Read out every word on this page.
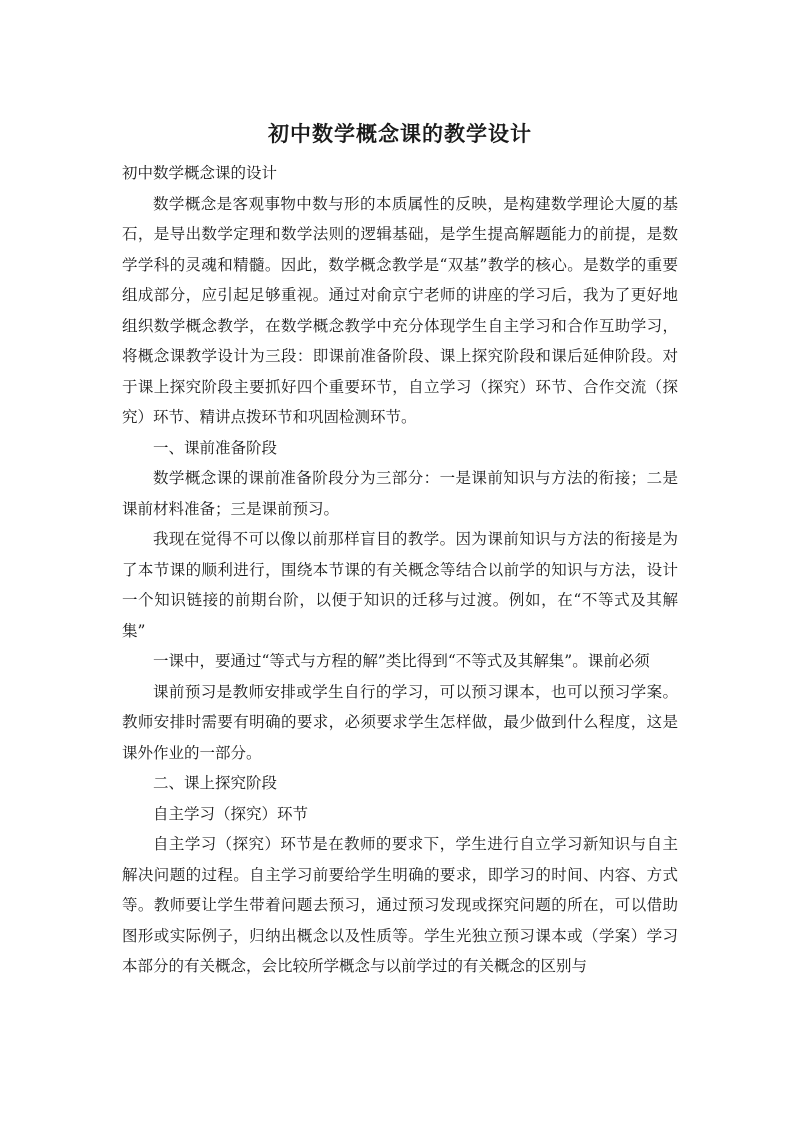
初中数学概念课的教学设计

初中数学概念课的设计

数学概念是客观事物中数与形的本质属性的反映，是构建数学理论大厦的基石，是导出数学定理和数学法则的逻辑基础，是学生提高解题能力的前提，是数学学科的灵魂和精髓。因此，数学概念教学是“双基”教学的核心。是数学的重要组成部分，应引起足够重视。通过对俞京宁老师的讲座的学习后，我为了更好地组织数学概念教学，在数学概念教学中充分体现学生自主学习和合作互助学习，将概念课教学设计为三段：即课前准备阶段、课上探究阶段和课后延伸阶段。对于课上探究阶段主要抓好四个重要环节，自立学习（探究）环节、合作交流（探究）环节、精讲点拨环节和巩固检测环节。

一、课前准备阶段

数学概念课的课前准备阶段分为三部分：一是课前知识与方法的衔接；二是课前材料准备；三是课前预习。

我现在觉得不可以像以前那样盲目的教学。因为课前知识与方法的衔接是为了本节课的顺利进行，围绕本节课的有关概念等结合以前学的知识与方法，设计一个知识链接的前期台阶，以便于知识的迁移与过渡。例如，在“不等式及其解集”

一课中，要通过“等式与方程的解”类比得到“不等式及其解集”。课前必须

课前预习是教师安排或学生自行的学习，可以预习课本，也可以预习学案。教师安排时需要有明确的要求，必须要求学生怎样做，最少做到什么程度，这是课外作业的一部分。

二、课上探究阶段

自主学习（探究）环节

自主学习（探究）环节是在教师的要求下，学生进行自立学习新知识与自主解决问题的过程。自主学习前要给学生明确的要求，即学习的时间、内容、方式等。教师要让学生带着问题去预习，通过预习发现或探究问题的所在，可以借助图形或实际例子，归纳出概念以及性质等。学生光独立预习课本或（学案）学习本部分的有关概念，会比较所学概念与以前学过的有关概念的区别与
